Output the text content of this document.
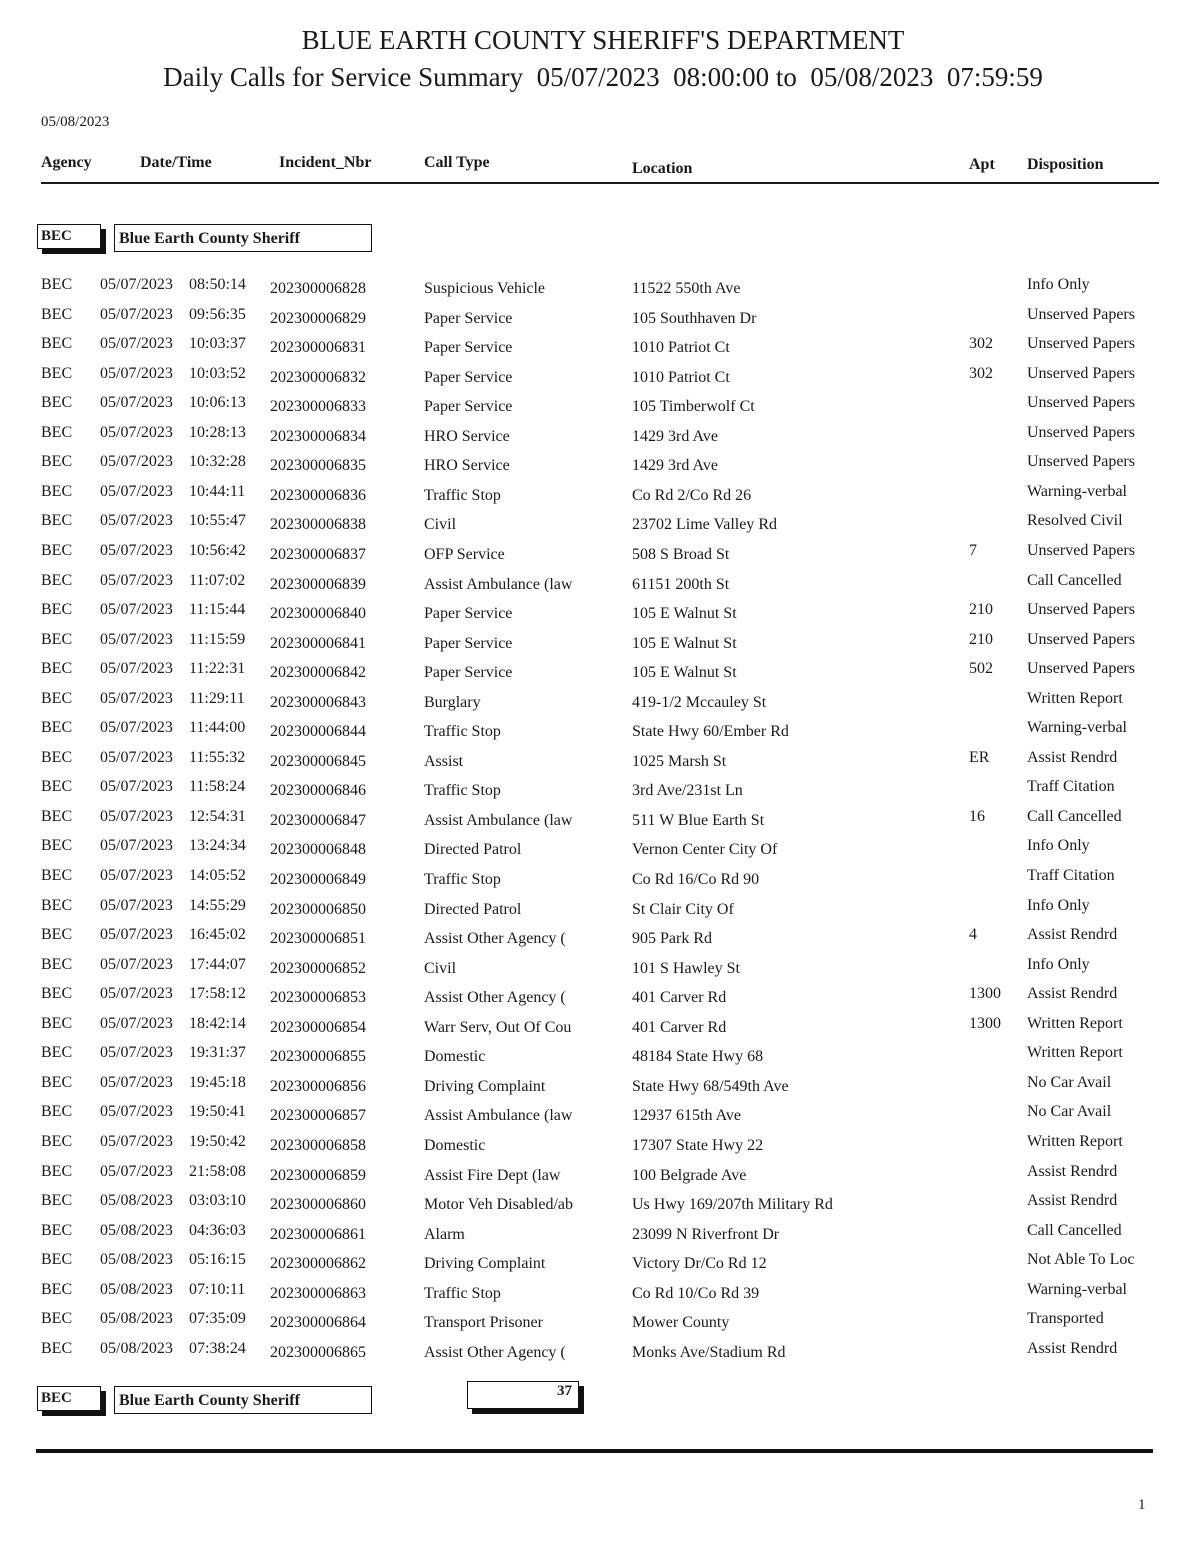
BLUE EARTH COUNTY SHERIFF'S DEPARTMENT
Daily Calls for Service Summary  05/07/2023  08:00:00 to  05/08/2023  07:59:59
05/08/2023
Agency	Date/Time	Incident_Nbr	Call Type	Location	Apt Disposition
BEC	Blue Earth County Sheriff
BEC 05/07/2023 08:50:14 202300006828	Suspicious Vehicle	11522 550th Ave	Info Only
BEC 05/07/2023 09:56:35 202300006829	Paper Service	105 Southhaven Dr	Unserved Papers
BEC 05/07/2023 10:03:37 202300006831	Paper Service	1010 Patriot Ct	302 Unserved Papers
BEC 05/07/2023 10:03:52 202300006832	Paper Service	1010 Patriot Ct	302 Unserved Papers
BEC 05/07/2023 10:06:13 202300006833	Paper Service	105 Timberwolf Ct	Unserved Papers
BEC 05/07/2023 10:28:13 202300006834	HRO Service	1429 3rd Ave	Unserved Papers
BEC 05/07/2023 10:32:28 202300006835	HRO Service	1429 3rd Ave	Unserved Papers
BEC 05/07/2023 10:44:11 202300006836	Traffic Stop	Co Rd 2/Co Rd 26	Warning-verbal
BEC 05/07/2023 10:55:47 202300006838	Civil	23702 Lime Valley Rd	Resolved Civil
BEC 05/07/2023 10:56:42 202300006837	OFP Service	508 S Broad St	7	Unserved Papers
BEC 05/07/2023 11:07:02 202300006839	Assist Ambulance (law	61151 200th St	Call Cancelled
BEC 05/07/2023 11:15:44 202300006840	Paper Service	105 E Walnut St	210 Unserved Papers
BEC 05/07/2023 11:15:59 202300006841	Paper Service	105 E Walnut St	210 Unserved Papers
BEC 05/07/2023 11:22:31 202300006842	Paper Service	105 E Walnut St	502 Unserved Papers
BEC 05/07/2023 11:29:11 202300006843	Burglary	419-1/2 Mccauley St	Written Report
BEC 05/07/2023 11:44:00 202300006844	Traffic Stop	State Hwy 60/Ember Rd	Warning-verbal
BEC 05/07/2023 11:55:32 202300006845	Assist	1025 Marsh St	ER Assist Rendrd
BEC 05/07/2023 11:58:24 202300006846	Traffic Stop	3rd Ave/231st Ln	Traff Citation
BEC 05/07/2023 12:54:31 202300006847	Assist Ambulance (law	511 W Blue Earth St	16	Call Cancelled
BEC 05/07/2023 13:24:34 202300006848	Directed Patrol	Vernon Center City Of	Info Only
BEC 05/07/2023 14:05:52 202300006849	Traffic Stop	Co Rd 16/Co Rd 90	Traff Citation
BEC 05/07/2023 14:55:29 202300006850	Directed Patrol	St Clair City Of	Info Only
BEC 05/07/2023 16:45:02 202300006851	Assist Other Agency (	905 Park Rd	4	Assist Rendrd
BEC 05/07/2023 17:44:07 202300006852	Civil	101 S Hawley St	Info Only
BEC 05/07/2023 17:58:12 202300006853	Assist Other Agency (	401 Carver Rd	1300 Assist Rendrd
BEC 05/07/2023 18:42:14 202300006854	Warr Serv, Out Of Cou	401 Carver Rd	1300 Written Report
BEC 05/07/2023 19:31:37 202300006855	Domestic	48184 State Hwy 68	Written Report
BEC 05/07/2023 19:45:18 202300006856	Driving Complaint	State Hwy 68/549th Ave	No Car Avail
BEC 05/07/2023 19:50:41 202300006857	Assist Ambulance (law	12937 615th Ave	No Car Avail
BEC 05/07/2023 19:50:42 202300006858	Domestic	17307 State Hwy 22	Written Report
BEC 05/07/2023 21:58:08 202300006859	Assist Fire Dept (law	100 Belgrade Ave	Assist Rendrd
BEC 05/08/2023 03:03:10 202300006860	Motor Veh Disabled/ab	Us Hwy 169/207th Military Rd	Assist Rendrd
BEC 05/08/2023 04:36:03 202300006861	Alarm	23099 N Riverfront Dr	Call Cancelled
BEC 05/08/2023 05:16:15 202300006862	Driving Complaint	Victory Dr/Co Rd 12	Not Able To Loc
BEC 05/08/2023 07:10:11 202300006863	Traffic Stop	Co Rd 10/Co Rd 39	Warning-verbal
BEC 05/08/2023 07:35:09 202300006864	Transport Prisoner	Mower County	Transported
BEC 05/08/2023 07:38:24 202300006865	Assist Other Agency (	Monks Ave/Stadium Rd	Assist Rendrd
BEC	Blue Earth County Sheriff
37
1
